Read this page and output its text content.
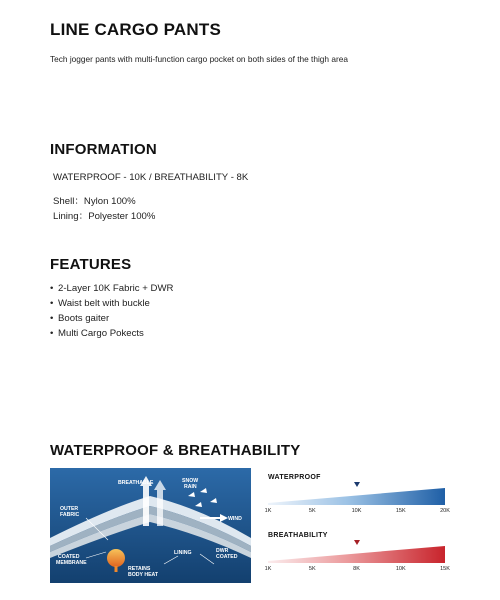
LINE CARGO PANTS
Tech jogger pants with multi-function cargo pocket on both sides of the thigh area
INFORMATION
WATERPROOF - 10K / BREATHABILITY - 8K
Shell：Nylon 100%
Lining：Polyester 100%
FEATURES
• 2-Layer 10K Fabric + DWR
• Waist belt with buckle
• Boots gaiter
• Multi Cargo Pokects
WATERPROOF & BREATHABILITY
BREATHABLE	SNOW
RAIN
WIND
OUTER
FABRIC
COATED
MEMBRANE
LINING	DWR
COATED
RETAINS
BODY HEAT
WATERPROOF
1K	5K	10K	15K	20K
BREATHABILITY
1K	5K	8K	10K	15K
